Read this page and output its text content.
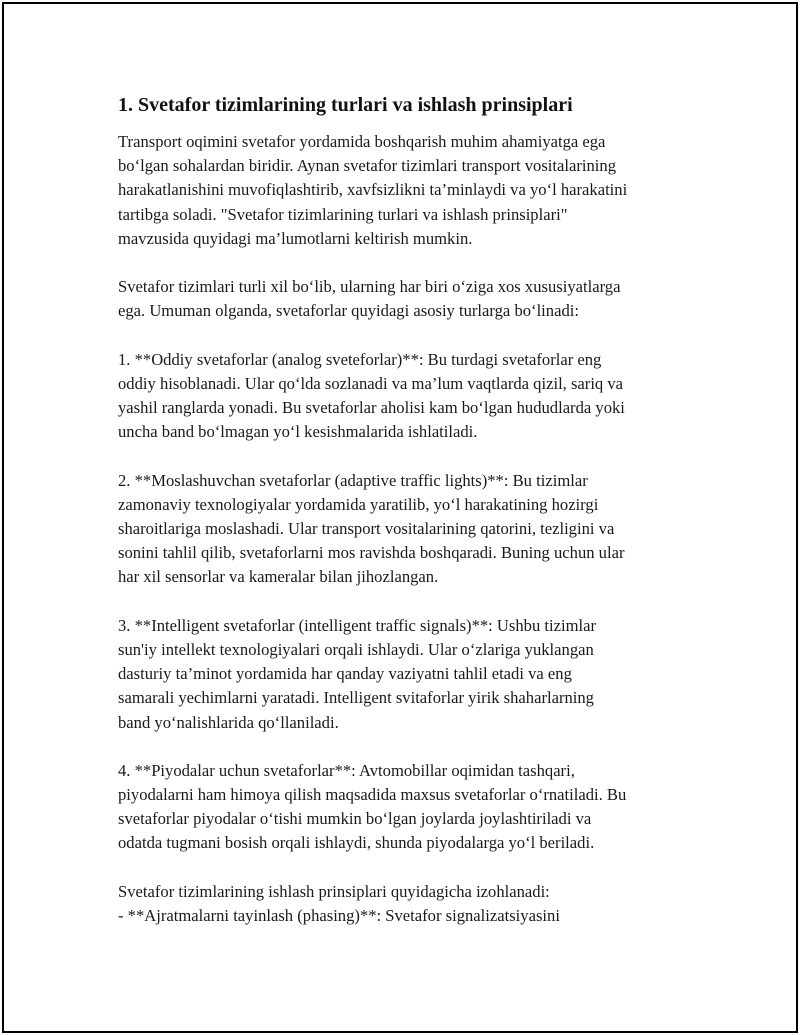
1. Svetafor tizimlarining turlari va ishlash prinsiplari
Transport oqimini svetafor yordamida boshqarish muhim ahamiyatga ega
bo‘lgan sohalardan biridir. Aynan svetafor tizimlari transport vositalarining
harakatlanishini muvofiqlashtirib, xavfsizlikni ta’minlaydi va yo‘l harakatini
tartibga soladi. "Svetafor tizimlarining turlari va ishlash prinsiplari"
mavzusida quyidagi ma’lumotlarni keltirish mumkin.
Svetafor tizimlari turli xil bo‘lib, ularning har biri o‘ziga xos xususiyatlarga
ega. Umuman olganda, svetaforlar quyidagi asosiy turlarga bo‘linadi:
1. **Oddiy svetaforlar (analog sveteforlar)**: Bu turdagi svetaforlar eng
oddiy hisoblanadi. Ular qo‘lda sozlanadi va ma’lum vaqtlarda qizil, sariq va
yashil ranglarda yonadi. Bu svetaforlar aholisi kam bo‘lgan hududlarda yoki
uncha band bo‘lmagan yo‘l kesishmalarida ishlatiladi.
2. **Moslashuvchan svetaforlar (adaptive traffic lights)**: Bu tizimlar
zamonaviy texnologiyalar yordamida yaratilib, yo‘l harakatining hozirgi
sharoitlariga moslashadi. Ular transport vositalarining qatorini, tezligini va
sonini tahlil qilib, svetaforlarni mos ravishda boshqaradi. Buning uchun ular
har xil sensorlar va kameralar bilan jihozlangan.
3. **Intelligent svetaforlar (intelligent traffic signals)**: Ushbu tizimlar
sun'iy intellekt texnologiyalari orqali ishlaydi. Ular o‘zlariga yuklangan
dasturiy ta’minot yordamida har qanday vaziyatni tahlil etadi va eng
samarali yechimlarni yaratadi. Intelligent svitaforlar yirik shaharlarning
band yo‘nalishlarida qo‘llaniladi.
4. **Piyodalar uchun svetaforlar**: Avtomobillar oqimidan tashqari,
piyodalarni ham himoya qilish maqsadida maxsus svetaforlar o‘rnatiladi. Bu
svetaforlar piyodalar o‘tishi mumkin bo‘lgan joylarda joylashtiriladi va
odatda tugmani bosish orqali ishlaydi, shunda piyodalarga yo‘l beriladi.
Svetafor tizimlarining ishlash prinsiplari quyidagicha izohlanadi:
- **Ajratmalarni tayinlash (phasing)**: Svetafor signalizatsiyasini
